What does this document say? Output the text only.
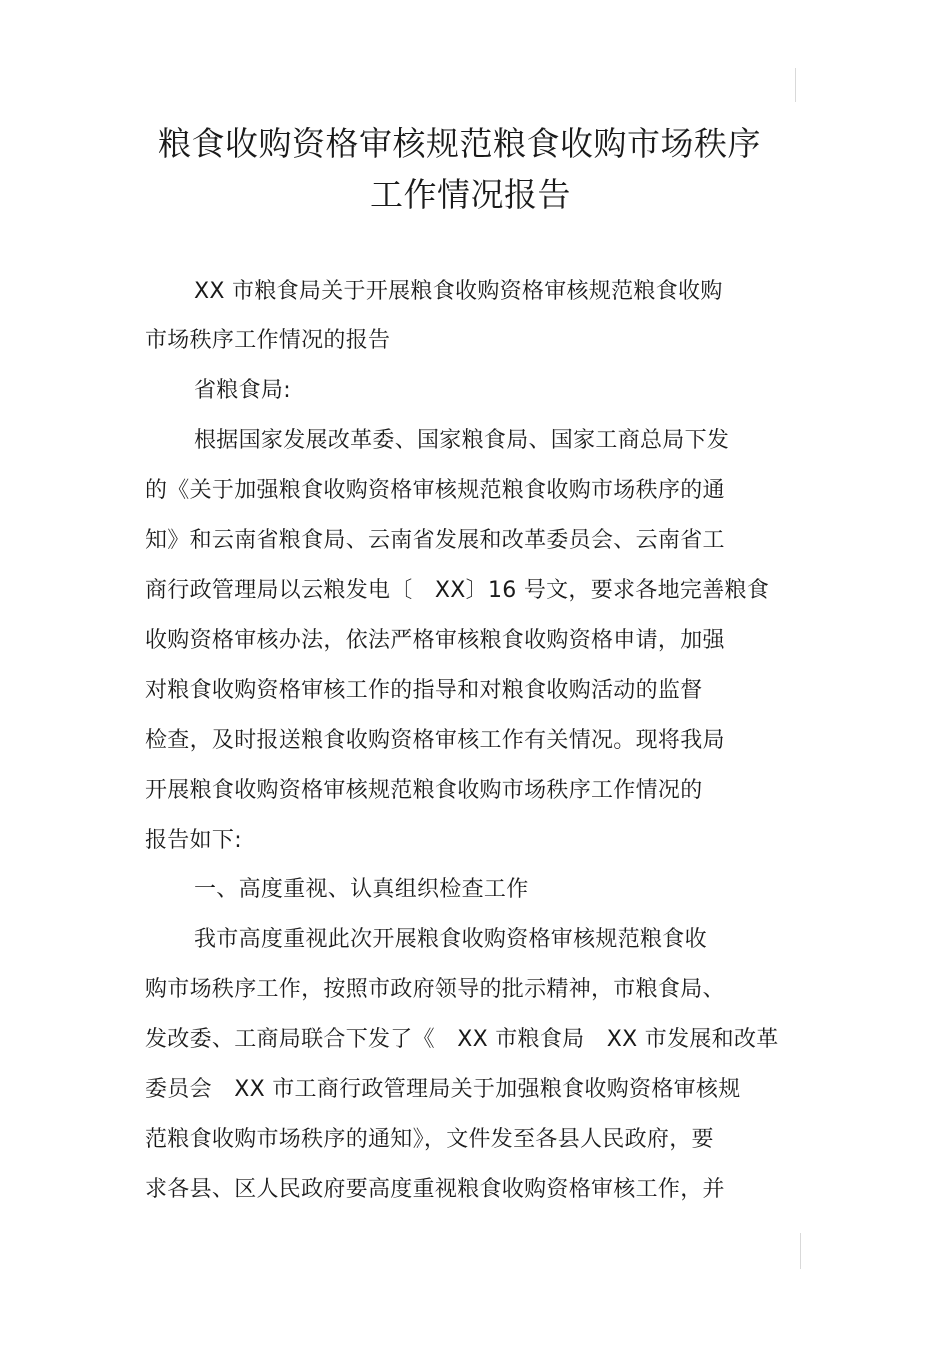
粮食收购资格审核规范粮食收购市场秩序
工作情况报告
XX 市粮食局关于开展粮食收购资格审核规范粮食收购
市场秩序工作情况的报告
省粮食局:
根据国家发展改革委、国家粮食局、国家工商总局下发
的《关于加强粮食收购资格审核规范粮食收购市场秩序的通
知》和云南省粮食局、云南省发展和改革委员会、云南省工
商行政管理局以云粮发电〔　XX〕16 号文，要求各地完善粮食
收购资格审核办法，依法严格审核粮食收购资格申请，加强
对粮食收购资格审核工作的指导和对粮食收购活动的监督
检查，及时报送粮食收购资格审核工作有关情况。现将我局
开展粮食收购资格审核规范粮食收购市场秩序工作情况的
报告如下:
一、高度重视、认真组织检查工作
我市高度重视此次开展粮食收购资格审核规范粮食收
购市场秩序工作，按照市政府领导的批示精神，市粮食局、
发改委、工商局联合下发了《　XX 市粮食局　XX 市发展和改革
委员会　XX 市工商行政管理局关于加强粮食收购资格审核规
范粮食收购市场秩序的通知》，文件发至各县人民政府，要
求各县、区人民政府要高度重视粮食收购资格审核工作，并
